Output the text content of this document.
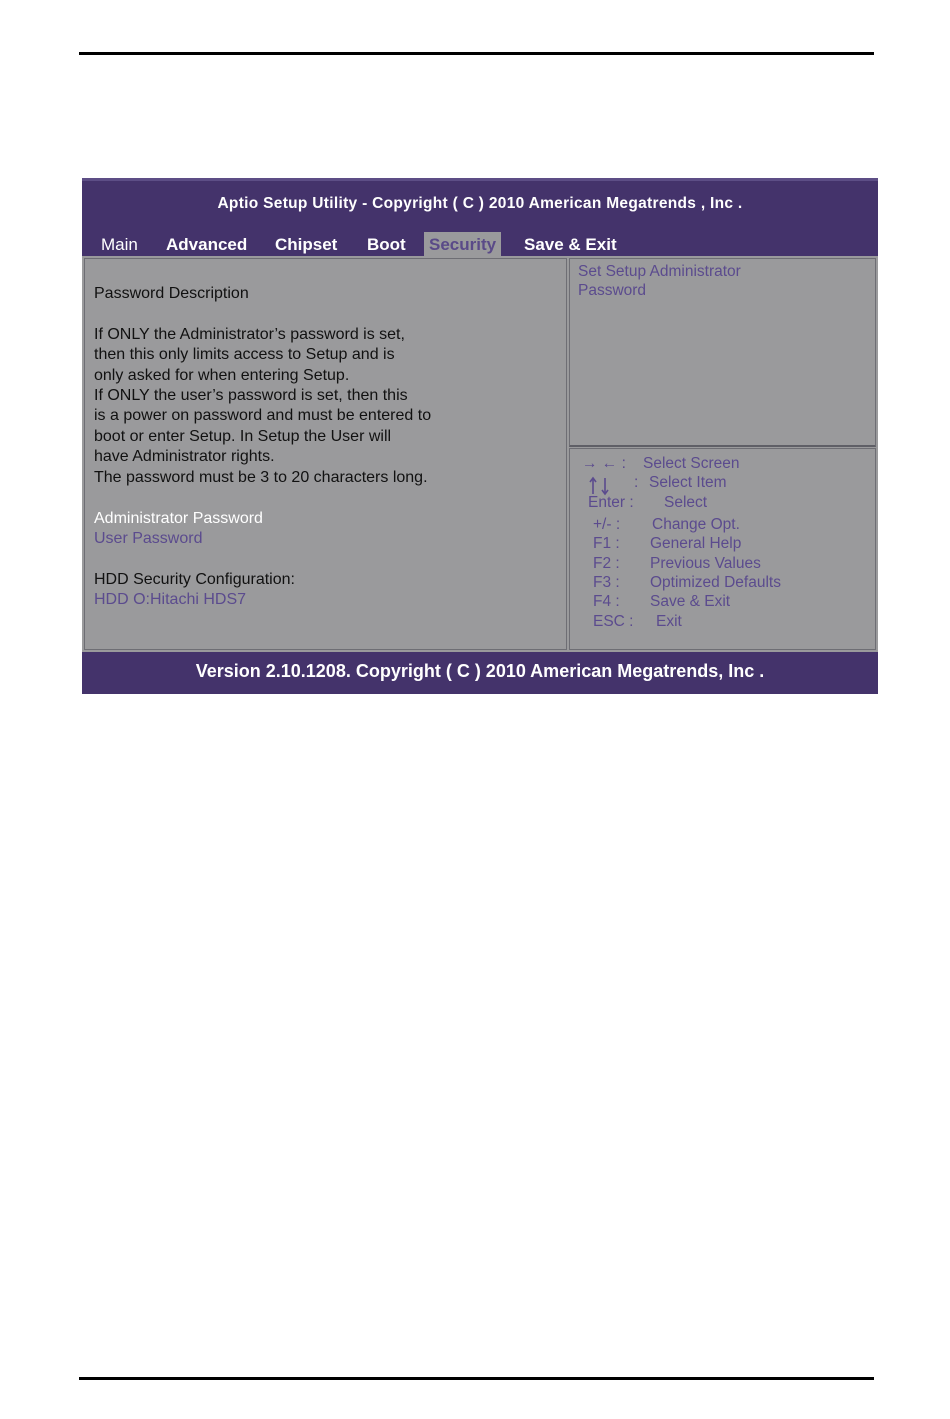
Aptio Setup Utility - Copyright ( C ) 2010 American Megatrends , Inc .
Main Advanced Chipset Boot Security Save & Exit
Password Description
If ONLY the Administrator’s password is set,
then this only limits access to Setup and is
only asked for when entering Setup.
If ONLY the user’s password is set, then this
is a power on password and must be entered to
boot or enter Setup. In Setup the User will
have Administrator rights.
The password must be 3 to 20 characters long.
Administrator Password
User Password
HDD Security Configuration:
HDD O:Hitachi HDS7
Set Setup Administrator
Password
→ ← : Select Screen
: Select Item
Enter : Select
+/- : Change Opt.
F1 : General Help
F2 : Previous Values
F3 : Optimized Defaults
F4 : Save & Exit
ESC : Exit
Version 2.10.1208. Copyright ( C ) 2010 American Megatrends, Inc .
